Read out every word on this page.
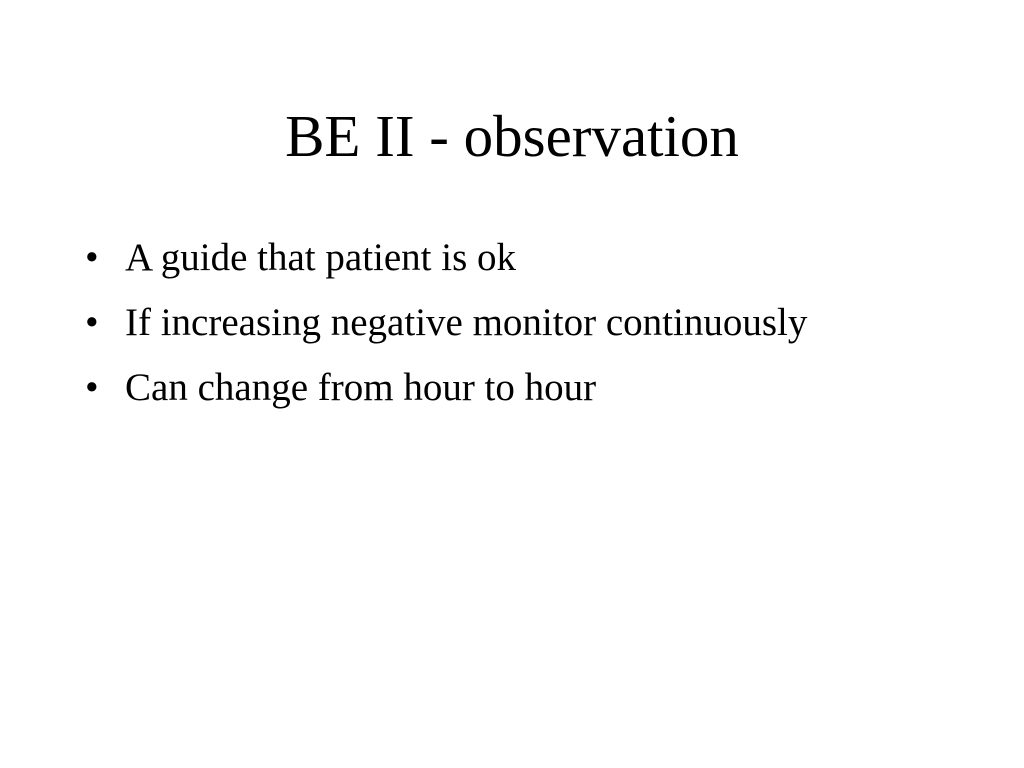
BE II - observation
• A guide that patient is ok
• If increasing negative monitor continuously
• Can change from hour to hour
